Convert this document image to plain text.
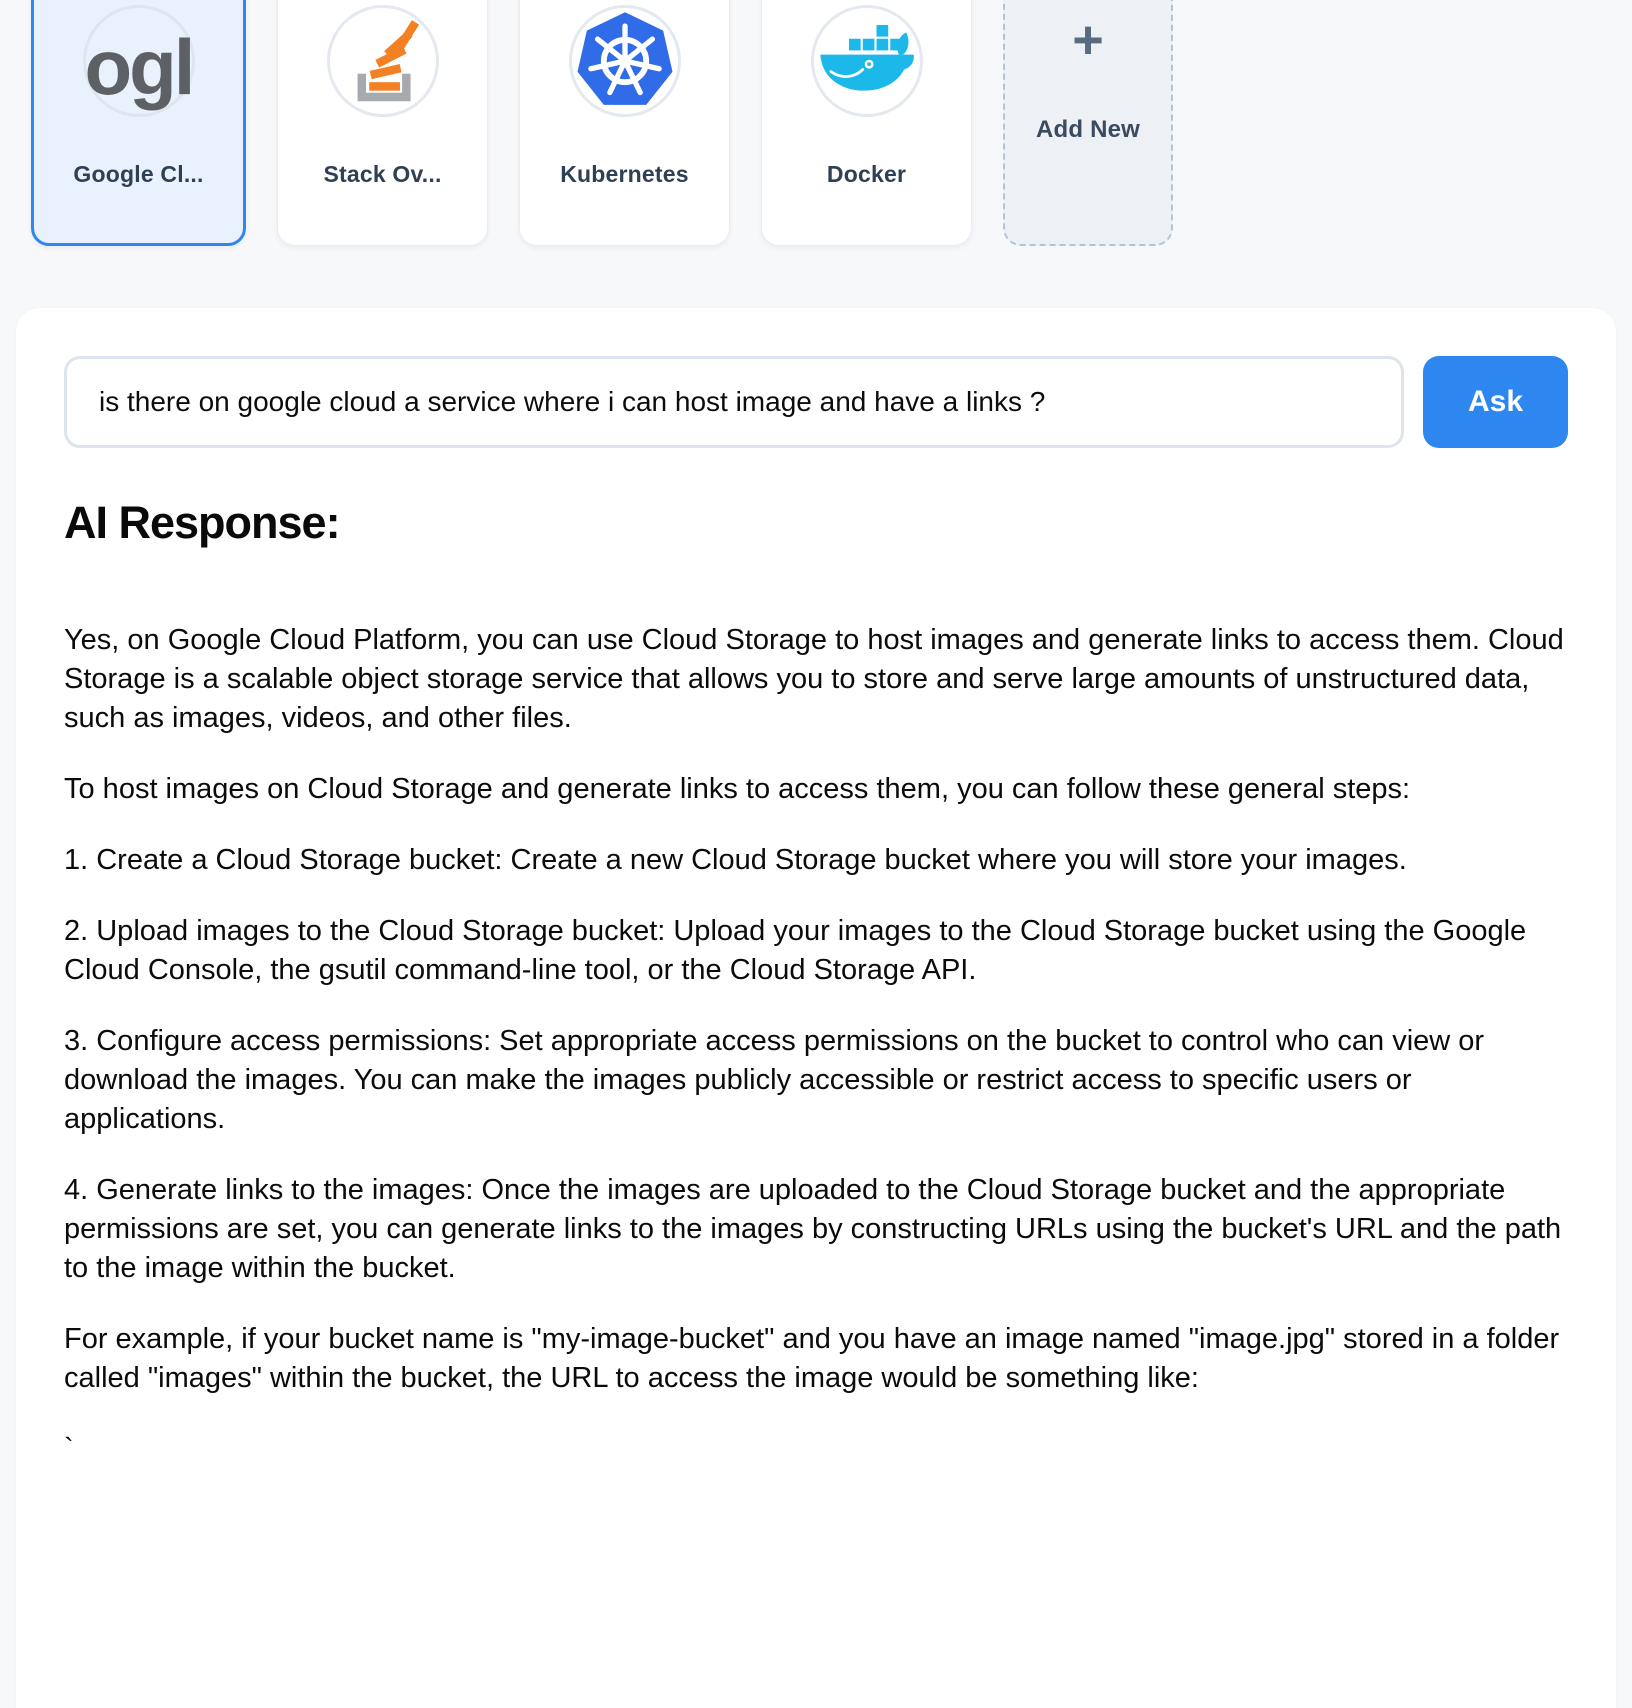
ogl
Google Cl...	Stack Ov...	Kubernetes	Docker
+
Add New
is there on google cloud a service where i can host image and have a links ?
Ask
AI Response:

Yes, on Google Cloud Platform, you can use Cloud Storage to host images and generate links to access them. Cloud Storage is a scalable object storage service that allows you to store and serve large amounts of unstructured data, such as images, videos, and other files.

To host images on Cloud Storage and generate links to access them, you can follow these general steps:

1. Create a Cloud Storage bucket: Create a new Cloud Storage bucket where you will store your images.

2. Upload images to the Cloud Storage bucket: Upload your images to the Cloud Storage bucket using the Google Cloud Console, the gsutil command-line tool, or the Cloud Storage API.

3. Configure access permissions: Set appropriate access permissions on the bucket to control who can view or download the images. You can make the images publicly accessible or restrict access to specific users or applications.

4. Generate links to the images: Once the images are uploaded to the Cloud Storage bucket and the appropriate permissions are set, you can generate links to the images by constructing URLs using the bucket's URL and the path to the image within the bucket.

For example, if your bucket name is "my-image-bucket" and you have an image named "image.jpg" stored in a folder called "images" within the bucket, the URL to access the image would be something like:

`
